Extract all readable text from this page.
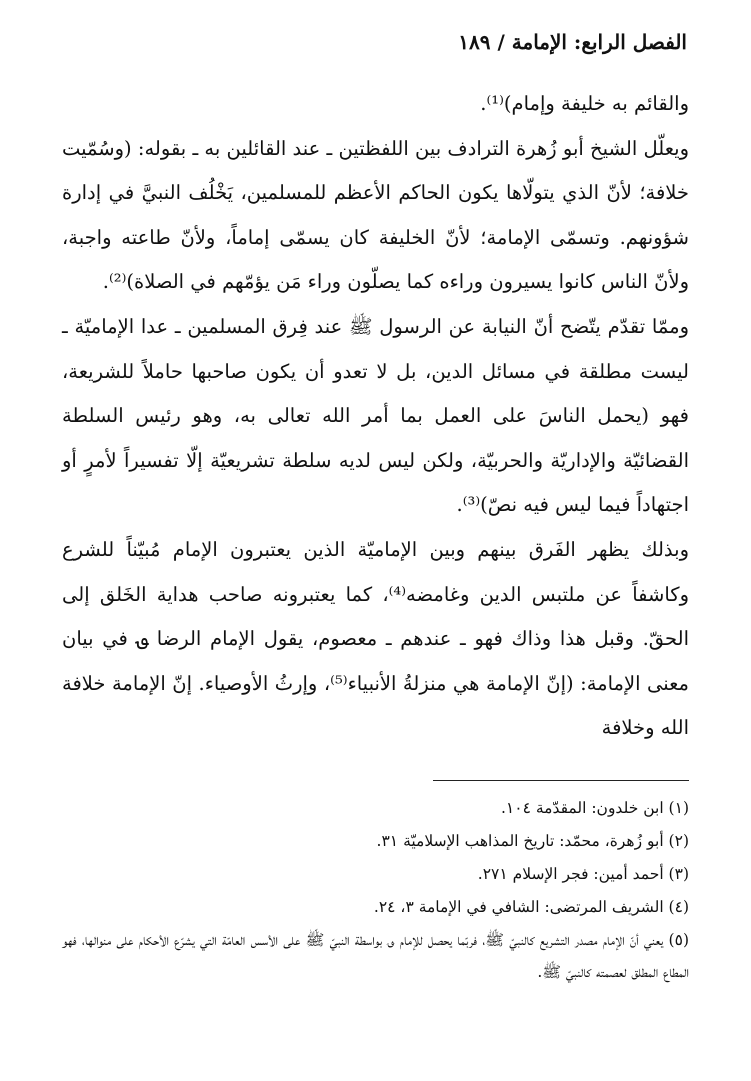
الفصل الرابع: الإمامة / ١٨٩

والقائم به خليفة وإمام)⁽¹⁾.

ويعلّل الشيخ أبو زُهرة الترادف بين اللفظتين ـ عند القائلين به ـ بقوله: (وسُمّيت خلافة؛ لأنّ الذي يتولّاها يكون الحاكم الأعظم للمسلمين، يَخْلُف النبيَّ في إدارة شؤونهم. وتسمّى الإمامة؛ لأنّ الخليفة كان يسمّى إماماً، ولأنّ طاعته واجبة، ولأنّ الناس كانوا يسيرون وراءه كما يصلّون وراء مَن يؤمّهم في الصلاة)⁽²⁾.

وممّا تقدّم يتّضح أنّ النيابة عن الرسول ﷺ عند فِرق المسلمين ـ عدا الإماميّة ـ ليست مطلقة في مسائل الدين، بل لا تعدو أن يكون صاحبها حاملاً للشريعة، فهو (يحمل الناسَ على العمل بما أمر الله تعالى به، وهو رئيس السلطة القضائيّة والإداريّة والحربيّة، ولكن ليس لديه سلطة تشريعيّة إلّا تفسيراً لأمرٍ أو اجتهاداً فيما ليس فيه نصّ)⁽³⁾.

وبذلك يظهر الفَرق بينهم وبين الإماميّة الذين يعتبرون الإمام مُبيّناً للشرع وكاشفاً عن ملتبس الدين وغامضه⁽⁴⁾، كما يعتبرونه صاحب هداية الخَلق إلى الحقّ. وقبل هذا وذاك فهو ـ عندهم ـ معصوم، يقول الإمام الرضا ؈ في بيان معنى الإمامة: (إنّ الإمامة هي منزلةُ الأنبياء⁽⁵⁾، وإرثُ الأوصياء. إنّ الإمامة خلافة الله وخلافة

(١) ابن خلدون: المقدّمة ١٠٤.

(٢) أبو زُهرة، محمّد: تاريخ المذاهب الإسلاميّة ٣١.

(٣) أحمد أمين: فجر الإسلام ٢٧١.

(٤) الشريف المرتضى: الشافي في الإمامة ٣، ٢٤.

(٥) يعني أنّ الإمام مصدر التشريع كالنبيّ ﷺ، فربّما يحصل للإمام ؈ بواسطة النبيّ ﷺ على الأسس العامّة التي يشرّع الأحكام على منوالها، فهو المطاع المطلق لعصمته كالنبيّ ﷺ.
